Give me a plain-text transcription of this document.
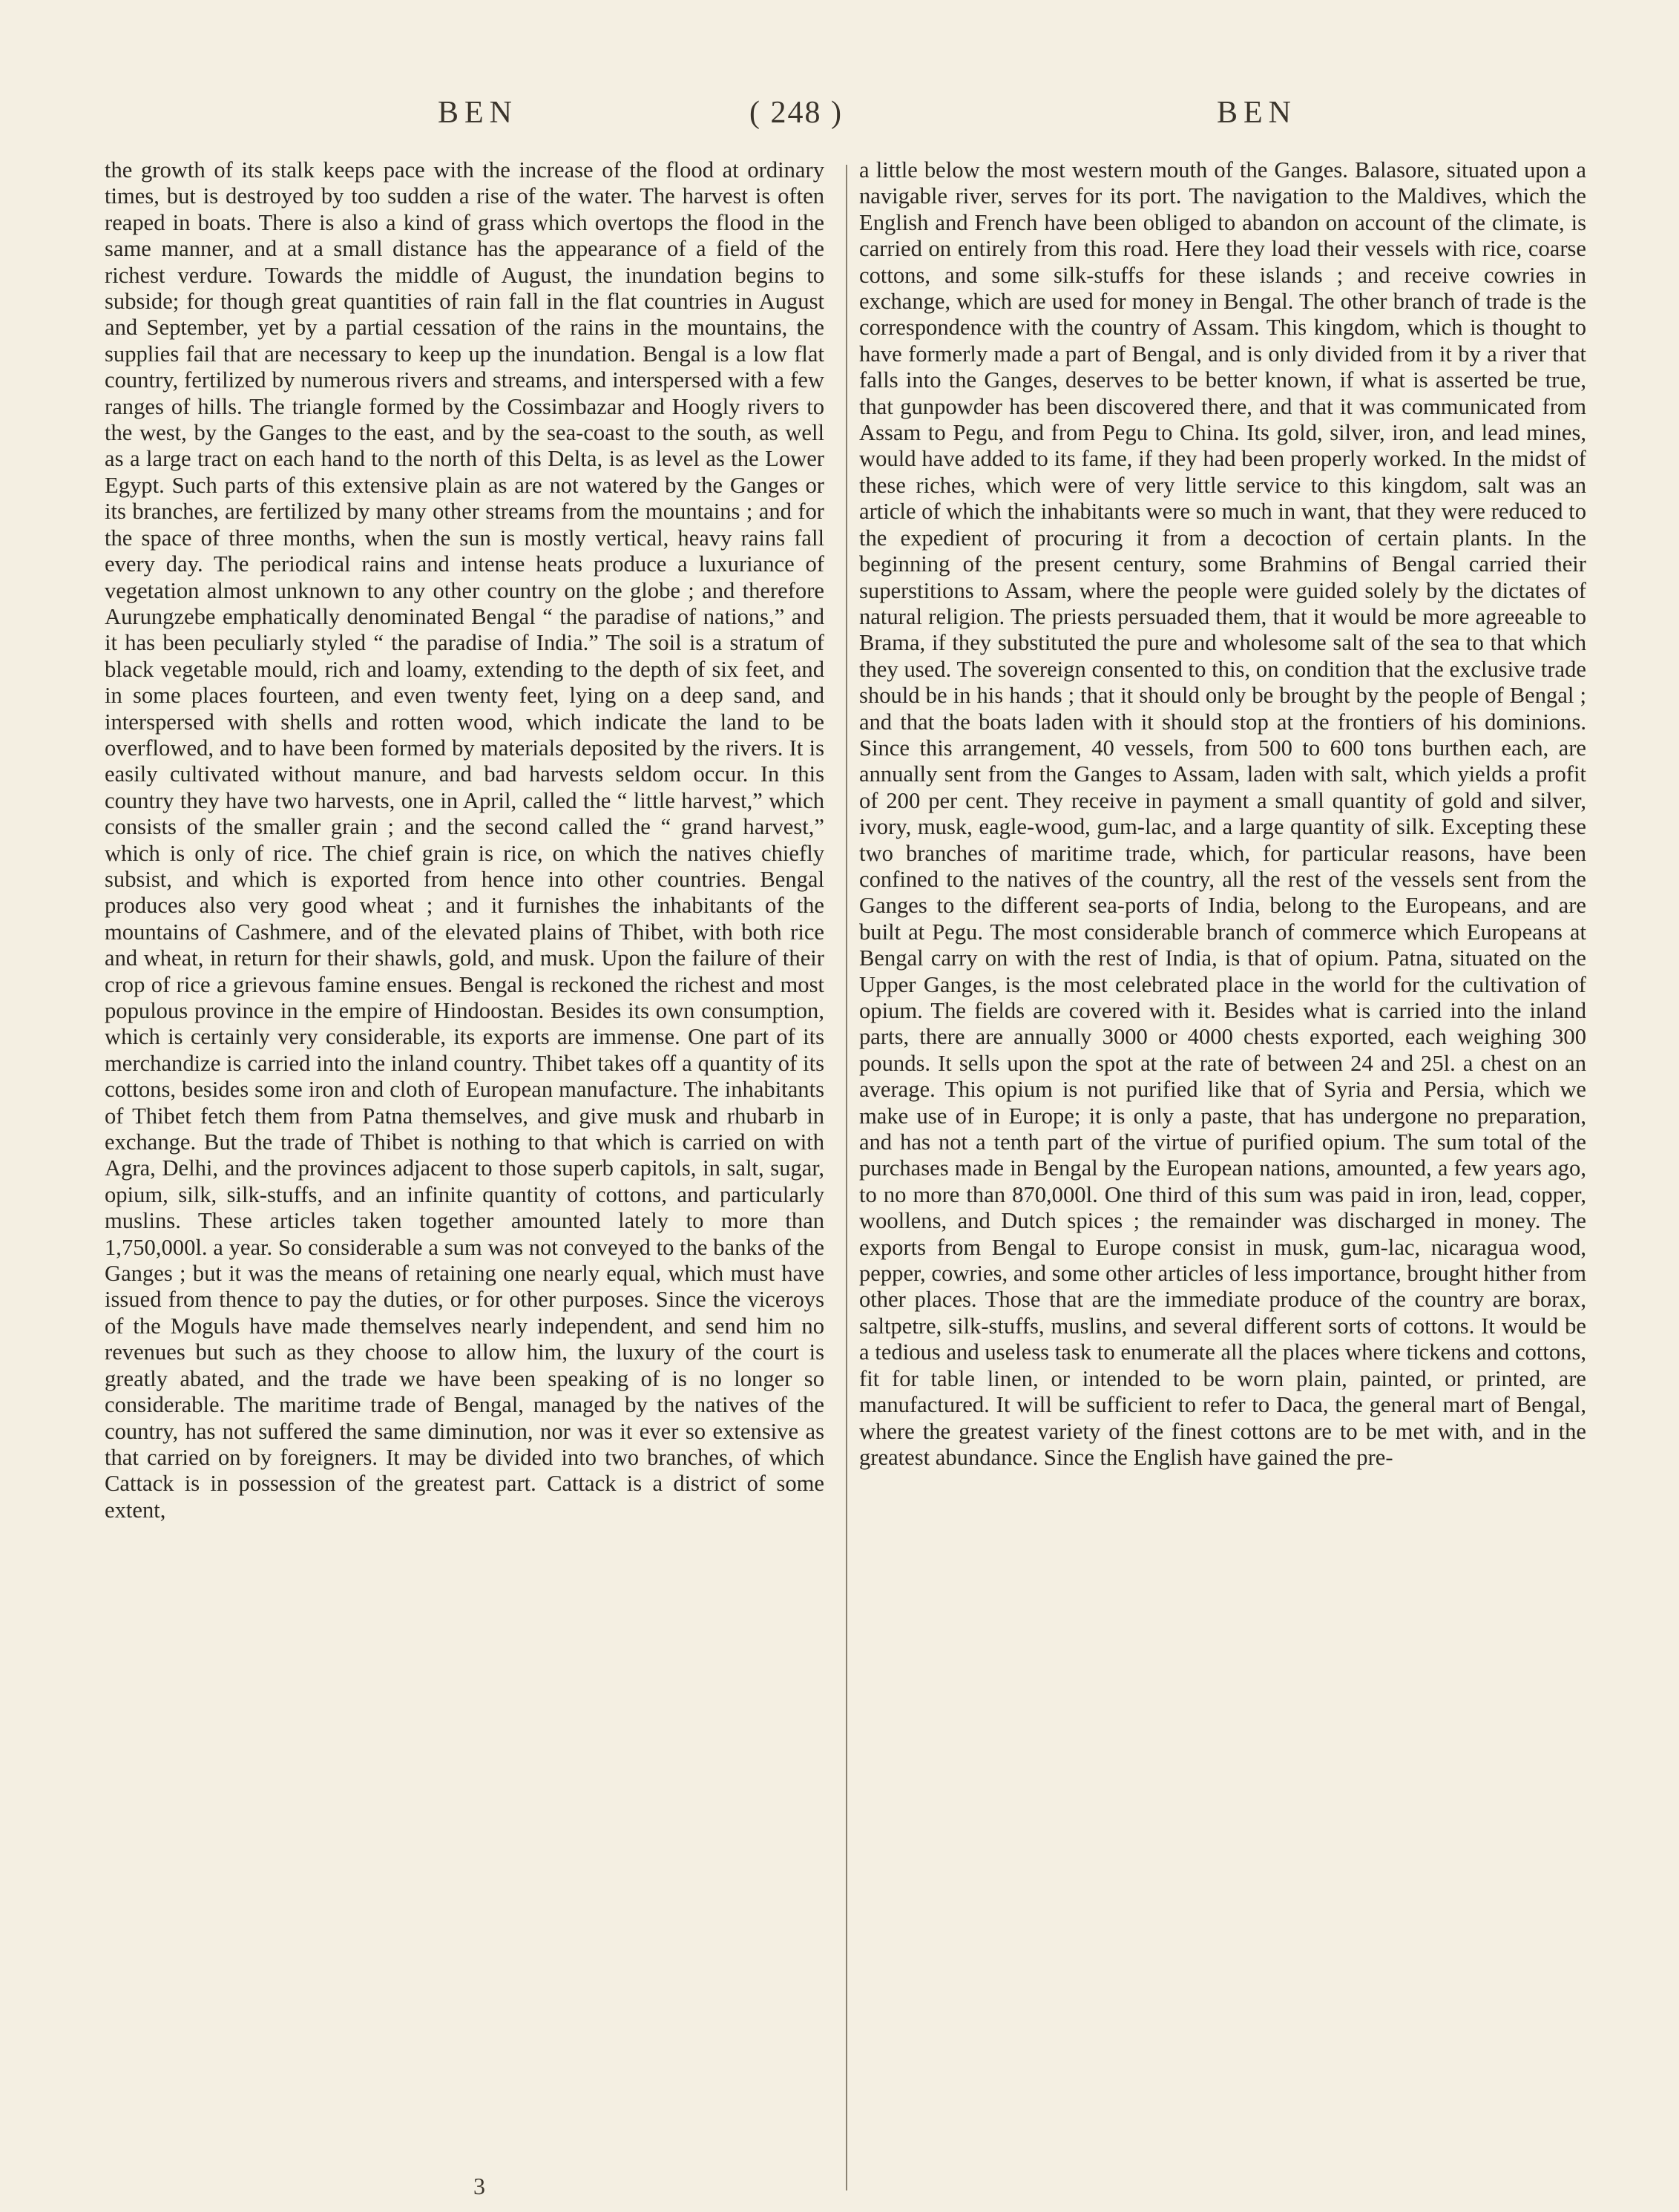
BEN	( 248 )	BEN
the growth of its stalk keeps pace with the increase of the flood at ordinary times, but is destroyed by too sudden a rise of the water. The harvest is often reaped in boats. There is also a kind of grass which overtops the flood in the same manner, and at a small distance has the appearance of a field of the richest verdure. Towards the middle of August, the inundation begins to subside; for though great quantities of rain fall in the flat countries in August and September, yet by a partial cessation of the rains in the mountains, the supplies fail that are necessary to keep up the inundation. Bengal is a low flat country, fertilized by numerous rivers and streams, and interspersed with a few ranges of hills. The triangle formed by the Cossimbazar and Hoogly rivers to the west, by the Ganges to the east, and by the sea-coast to the south, as well as a large tract on each hand to the north of this Delta, is as level as the Lower Egypt. Such parts of this extensive plain as are not watered by the Ganges or its branches, are fertilized by many other streams from the mountains ; and for the space of three months, when the sun is mostly vertical, heavy rains fall every day. The periodical rains and intense heats produce a luxuriance of vegetation almost unknown to any other country on the globe ; and therefore Aurungzebe emphatically denominated Bengal “ the paradise of nations,” and it has been peculiarly styled “ the paradise of India.” The soil is a stratum of black vegetable mould, rich and loamy, extending to the depth of six feet, and in some places fourteen, and even twenty feet, lying on a deep sand, and interspersed with shells and rotten wood, which indicate the land to be overflowed, and to have been formed by materials deposited by the rivers. It is easily cultivated without manure, and bad harvests seldom occur. In this country they have two harvests, one in April, called the “ little harvest,” which consists of the smaller grain ; and the second called the “ grand harvest,” which is only of rice. The chief grain is rice, on which the natives chiefly subsist, and which is exported from hence into other countries. Bengal produces also very good wheat ; and it furnishes the inhabitants of the mountains of Cashmere, and of the elevated plains of Thibet, with both rice and wheat, in return for their shawls, gold, and musk. Upon the failure of their crop of rice a grievous famine ensues. Bengal is reckoned the richest and most populous province in the empire of Hindoostan. Besides its own consumption, which is certainly very considerable, its exports are immense. One part of its merchandize is carried into the inland country. Thibet takes off a quantity of its cottons, besides some iron and cloth of European manufacture. The inhabitants of Thibet fetch them from Patna themselves, and give musk and rhubarb in exchange. But the trade of Thibet is nothing to that which is carried on with Agra, Delhi, and the provinces adjacent to those superb capitols, in salt, sugar, opium, silk, silk-stuffs, and an infinite quantity of cottons, and particularly muslins. These articles taken together amounted lately to more than 1,750,000l. a year. So considerable a sum was not conveyed to the banks of the Ganges ; but it was the means of retaining one nearly equal, which must have issued from thence to pay the duties, or for other purposes. Since the viceroys of the Moguls have made themselves nearly independent, and send him no revenues but such as they choose to allow him, the luxury of the court is greatly abated, and the trade we have been speaking of is no longer so considerable. The maritime trade of Bengal, managed by the natives of the country, has not suffered the same diminution, nor was it ever so extensive as that carried on by foreigners. It may be divided into two branches, of which Cattack is in possession of the greatest part. Cattack is a district of some extent,
a little below the most western mouth of the Ganges. Balasore, situated upon a navigable river, serves for its port. The navigation to the Maldives, which the English and French have been obliged to abandon on account of the climate, is carried on entirely from this road. Here they load their vessels with rice, coarse cottons, and some silk-stuffs for these islands ; and receive cowries in exchange, which are used for money in Bengal. The other branch of trade is the correspondence with the country of Assam. This kingdom, which is thought to have formerly made a part of Bengal, and is only divided from it by a river that falls into the Ganges, deserves to be better known, if what is asserted be true, that gunpowder has been discovered there, and that it was communicated from Assam to Pegu, and from Pegu to China. Its gold, silver, iron, and lead mines, would have added to its fame, if they had been properly worked. In the midst of these riches, which were of very little service to this kingdom, salt was an article of which the inhabitants were so much in want, that they were reduced to the expedient of procuring it from a decoction of certain plants. In the beginning of the present century, some Brahmins of Bengal carried their superstitions to Assam, where the people were guided solely by the dictates of natural religion. The priests persuaded them, that it would be more agreeable to Brama, if they substituted the pure and wholesome salt of the sea to that which they used. The sovereign consented to this, on condition that the exclusive trade should be in his hands ; that it should only be brought by the people of Bengal ; and that the boats laden with it should stop at the frontiers of his dominions. Since this arrangement, 40 vessels, from 500 to 600 tons burthen each, are annually sent from the Ganges to Assam, laden with salt, which yields a profit of 200 per cent. They receive in payment a small quantity of gold and silver, ivory, musk, eagle-wood, gum-lac, and a large quantity of silk. Excepting these two branches of maritime trade, which, for particular reasons, have been confined to the natives of the country, all the rest of the vessels sent from the Ganges to the different sea-ports of India, belong to the Europeans, and are built at Pegu. The most considerable branch of commerce which Europeans at Bengal carry on with the rest of India, is that of opium. Patna, situated on the Upper Ganges, is the most celebrated place in the world for the cultivation of opium. The fields are covered with it. Besides what is carried into the inland parts, there are annually 3000 or 4000 chests exported, each weighing 300 pounds. It sells upon the spot at the rate of between 24 and 25l. a chest on an average. This opium is not purified like that of Syria and Persia, which we make use of in Europe; it is only a paste, that has undergone no preparation, and has not a tenth part of the virtue of purified opium. The sum total of the purchases made in Bengal by the European nations, amounted, a few years ago, to no more than 870,000l. One third of this sum was paid in iron, lead, copper, woollens, and Dutch spices ; the remainder was discharged in money. The exports from Bengal to Europe consist in musk, gum-lac, nicaragua wood, pepper, cowries, and some other articles of less importance, brought hither from other places. Those that are the immediate produce of the country are borax, saltpetre, silk-stuffs, muslins, and several different sorts of cottons. It would be a tedious and useless task to enumerate all the places where tickens and cottons, fit for table linen, or intended to be worn plain, painted, or printed, are manufactured. It will be sufficient to refer to Daca, the general mart of Bengal, where the greatest variety of the finest cottons are to be met with, and in the greatest abundance. Since the English have gained the pre-
3
